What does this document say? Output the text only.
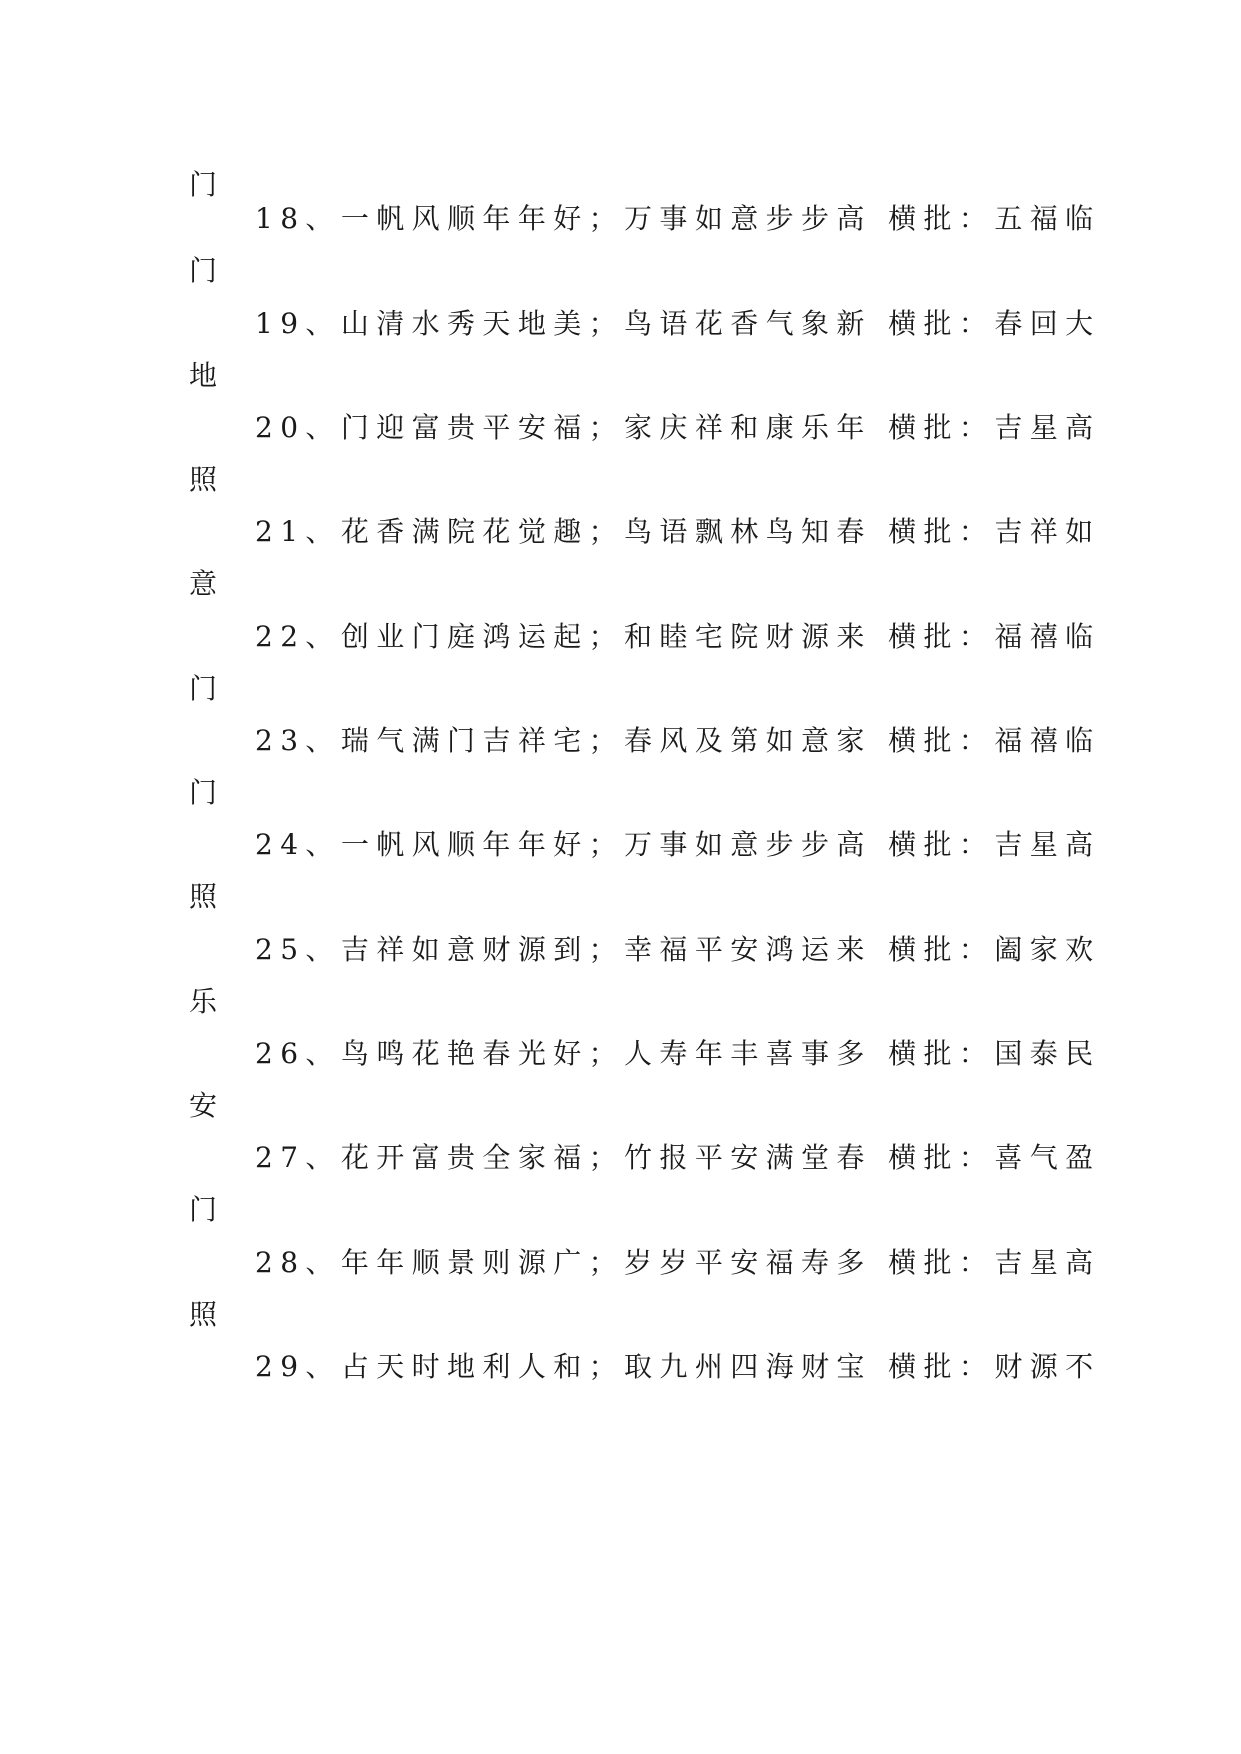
门
18、一帆风顺年年好；万事如意步步高 横批：五福临
门
19、山清水秀天地美；鸟语花香气象新 横批：春回大
地
20、门迎富贵平安福；家庆祥和康乐年 横批：吉星高
照
21、花香满院花觉趣；鸟语飘林鸟知春 横批：吉祥如
意
22、创业门庭鸿运起；和睦宅院财源来 横批：福禧临
门
23、瑞气满门吉祥宅；春风及第如意家 横批：福禧临
门
24、一帆风顺年年好；万事如意步步高 横批：吉星高
照
25、吉祥如意财源到；幸福平安鸿运来 横批：阖家欢
乐
26、鸟鸣花艳春光好；人寿年丰喜事多 横批：国泰民
安
27、花开富贵全家福；竹报平安满堂春 横批：喜气盈
门
28、年年顺景则源广；岁岁平安福寿多 横批：吉星高
照
29、占天时地利人和；取九州四海财宝 横批：财源不
